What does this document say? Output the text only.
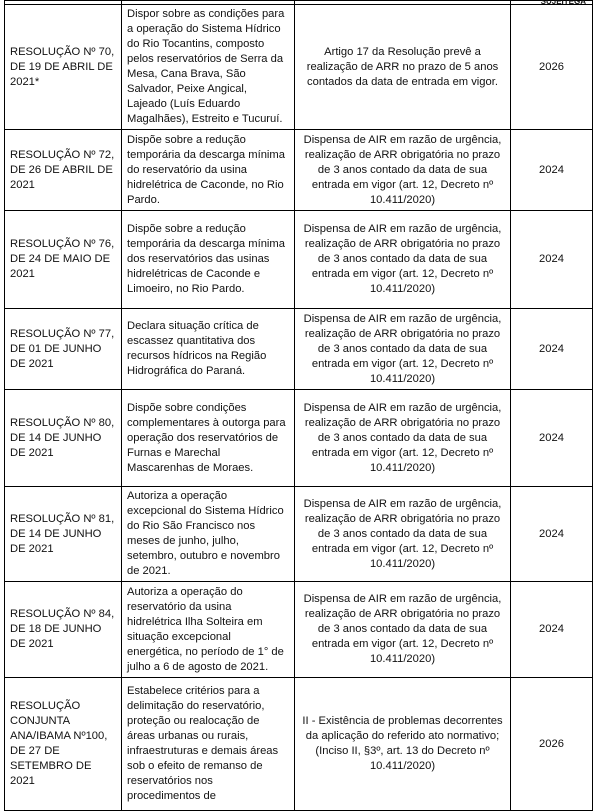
			SUJEITEGA

RESOLUÇÃO Nº 70, DE 19 DE ABRIL DE 2021*	Dispor sobre as condições para a operação do Sistema Hídrico do Rio Tocantins, composto pelos reservatórios de Serra da Mesa, Cana Brava, São Salvador, Peixe Angical, Lajeado (Luís Eduardo Magalhães), Estreito e Tucuruí.	Artigo 17 da Resolução prevê a realização de ARR no prazo de 5 anos contados da data de entrada em vigor.	2026
RESOLUÇÃO Nº 72, DE 26 DE ABRIL DE 2021	Dispõe sobre a redução temporária da descarga mínima do reservatório da usina hidrelétrica de Caconde, no Rio Pardo.	Dispensa de AIR em razão de urgência, realização de ARR obrigatória no prazo de 3 anos contado da data de sua entrada em vigor (art. 12, Decreto nº 10.411/2020)	2024
RESOLUÇÃO Nº 76, DE 24 DE MAIO DE 2021	Dispõe sobre a redução temporária da descarga mínima dos reservatórios das usinas hidrelétricas de Caconde e Limoeiro, no Rio Pardo.	Dispensa de AIR em razão de urgência, realização de ARR obrigatória no prazo de 3 anos contado da data de sua entrada em vigor (art. 12, Decreto nº 10.411/2020)	2024
RESOLUÇÃO Nº 77, DE 01 DE JUNHO DE 2021	Declara situação crítica de escassez quantitativa dos recursos hídricos na Região Hidrográfica do Paraná.	Dispensa de AIR em razão de urgência, realização de ARR obrigatória no prazo de 3 anos contado da data de sua entrada em vigor (art. 12, Decreto nº 10.411/2020)	2024
RESOLUÇÃO Nº 80, DE 14 DE JUNHO DE 2021	Dispõe sobre condições complementares à outorga para operação dos reservatórios de Furnas e Marechal Mascarenhas de Moraes.	Dispensa de AIR em razão de urgência, realização de ARR obrigatória no prazo de 3 anos contado da data de sua entrada em vigor (art. 12, Decreto nº 10.411/2020)	2024
RESOLUÇÃO Nº 81, DE 14 DE JUNHO DE 2021	Autoriza a operação excepcional do Sistema Hídrico do Rio São Francisco nos meses de junho, julho, setembro, outubro e novembro de 2021.	Dispensa de AIR em razão de urgência, realização de ARR obrigatória no prazo de 3 anos contado da data de sua entrada em vigor (art. 12, Decreto nº 10.411/2020)	2024
RESOLUÇÃO Nº 84, DE 18 DE JUNHO DE 2021	Autoriza a operação do reservatório da usina hidrelétrica Ilha Solteira em situação excepcional energética, no período de 1° de julho a 6 de agosto de 2021.	Dispensa de AIR em razão de urgência, realização de ARR obrigatória no prazo de 3 anos contado da data de sua entrada em vigor (art. 12, Decreto nº 10.411/2020)	2024
RESOLUÇÃO CONJUNTA ANA/IBAMA Nº100, DE 27 DE SETEMBRO DE 2021	Estabelece critérios para a delimitação do reservatório, proteção ou realocação de áreas urbanas ou rurais, infraestruturas e demais áreas sob o efeito de remanso de reservatórios nos procedimentos de	II - Existência de problemas decorrentes da aplicação do referido ato normativo; (Inciso II, §3º, art. 13 do Decreto nº 10.411/2020)	2026
